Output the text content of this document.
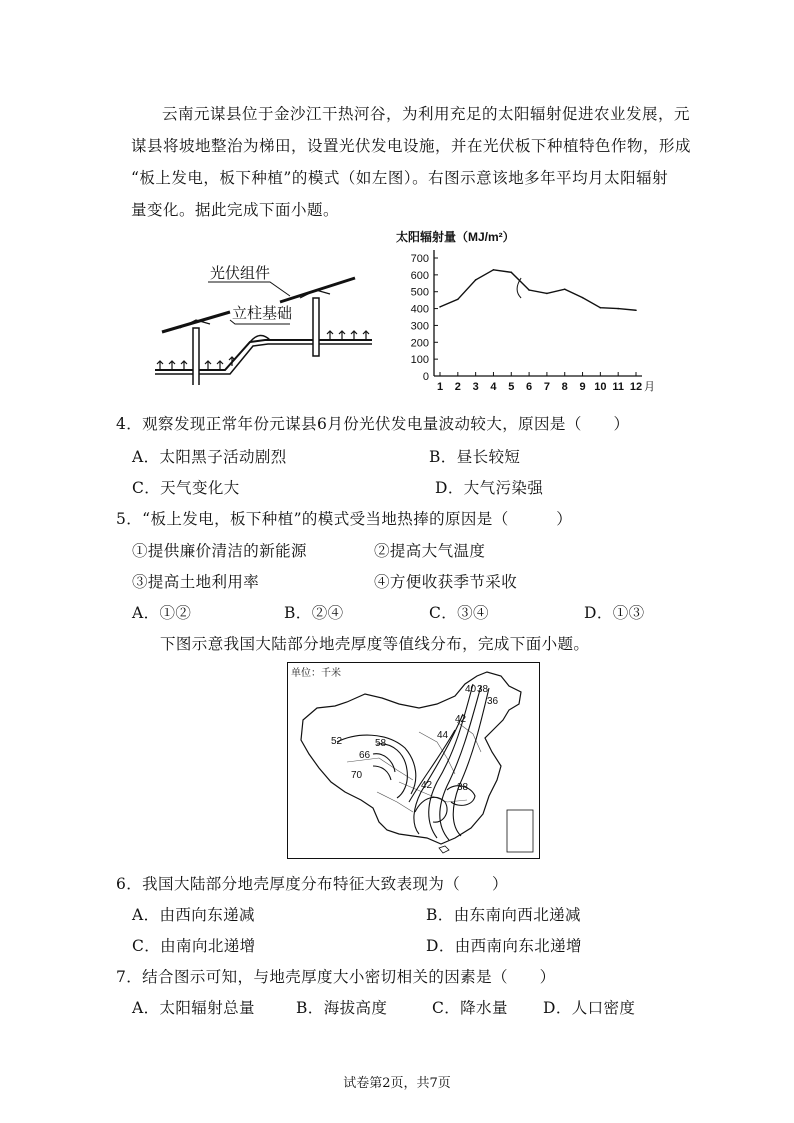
云南元谋县位于金沙江干热河谷，为利用充足的太阳辐射促进农业发展，元

谋县将坡地整治为梯田，设置光伏发电设施，并在光伏板下种植特色作物，形成

“板上发电，板下种植”的模式（如左图）。右图示意该地多年平均月太阳辐射

量变化。据此完成下面小题。

光伏组件
立柱基础
太阳辐射量（MJ/m²）
0
100
200
300
400
500
600
700
1 2 3 4 5 6 7 8 9 10 11 12 月
4．观察发现正常年份元谋县6月份光伏发电量波动较大，原因是（　　）
A．太阳黑子活动剧烈	B．昼长较短
C．天气变化大	D．大气污染强
5．“板上发电，板下种植”的模式受当地热捧的原因是（　　　）
①提供廉价清洁的新能源	②提高大气温度
③提高土地利用率	④方便收获季节采收
A．①②	B．②④	C．③④	D．①③
下图示意我国大陆部分地壳厚度等值线分布，完成下面小题。
单位：千米
40 38
36
42
44
52	58
66
70
42 38
6．我国大陆部分地壳厚度分布特征大致表现为（　　）
A．由西向东递减	B．由东南向西北递减
C．由南向北递增	D．由西南向东北递增
7．结合图示可知，与地壳厚度大小密切相关的因素是（　　）
A．太阳辐射总量	B．海拔高度	C．降水量 D．人口密度
试卷第2页，共7页
